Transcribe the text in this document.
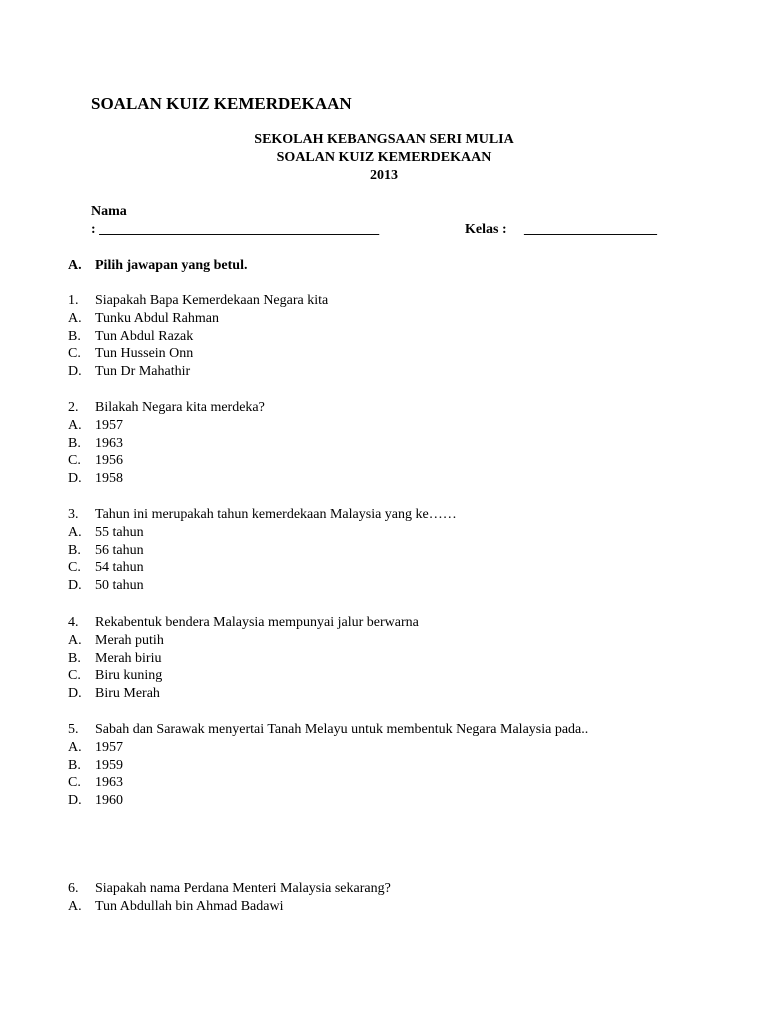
SOALAN KUIZ KEMERDEKAAN
SEKOLAH KEBANGSAAN SERI MULIA
SOALAN KUIZ KEMERDEKAAN
2013
Nama
: ________________________________________	Kelas : ___________________
A. Pilih jawapan yang betul.
1. Siapakah Bapa Kemerdekaan Negara kita
A. Tunku Abdul Rahman
B. Tun Abdul Razak
C. Tun Hussein Onn
D. Tun Dr Mahathir
2. Bilakah Negara kita merdeka?
A. 1957
B. 1963
C. 1956
D. 1958
3. Tahun ini merupakah tahun kemerdekaan Malaysia yang ke……
A. 55 tahun
B. 56 tahun
C. 54 tahun
D. 50 tahun
4. Rekabentuk bendera Malaysia mempunyai jalur berwarna
A. Merah putih
B. Merah biriu
C. Biru kuning
D. Biru Merah
5. Sabah dan Sarawak menyertai Tanah Melayu untuk membentuk Negara Malaysia pada..
A. 1957
B. 1959
C. 1963
D. 1960
6. Siapakah nama Perdana Menteri Malaysia sekarang?
A. Tun Abdullah bin Ahmad Badawi
